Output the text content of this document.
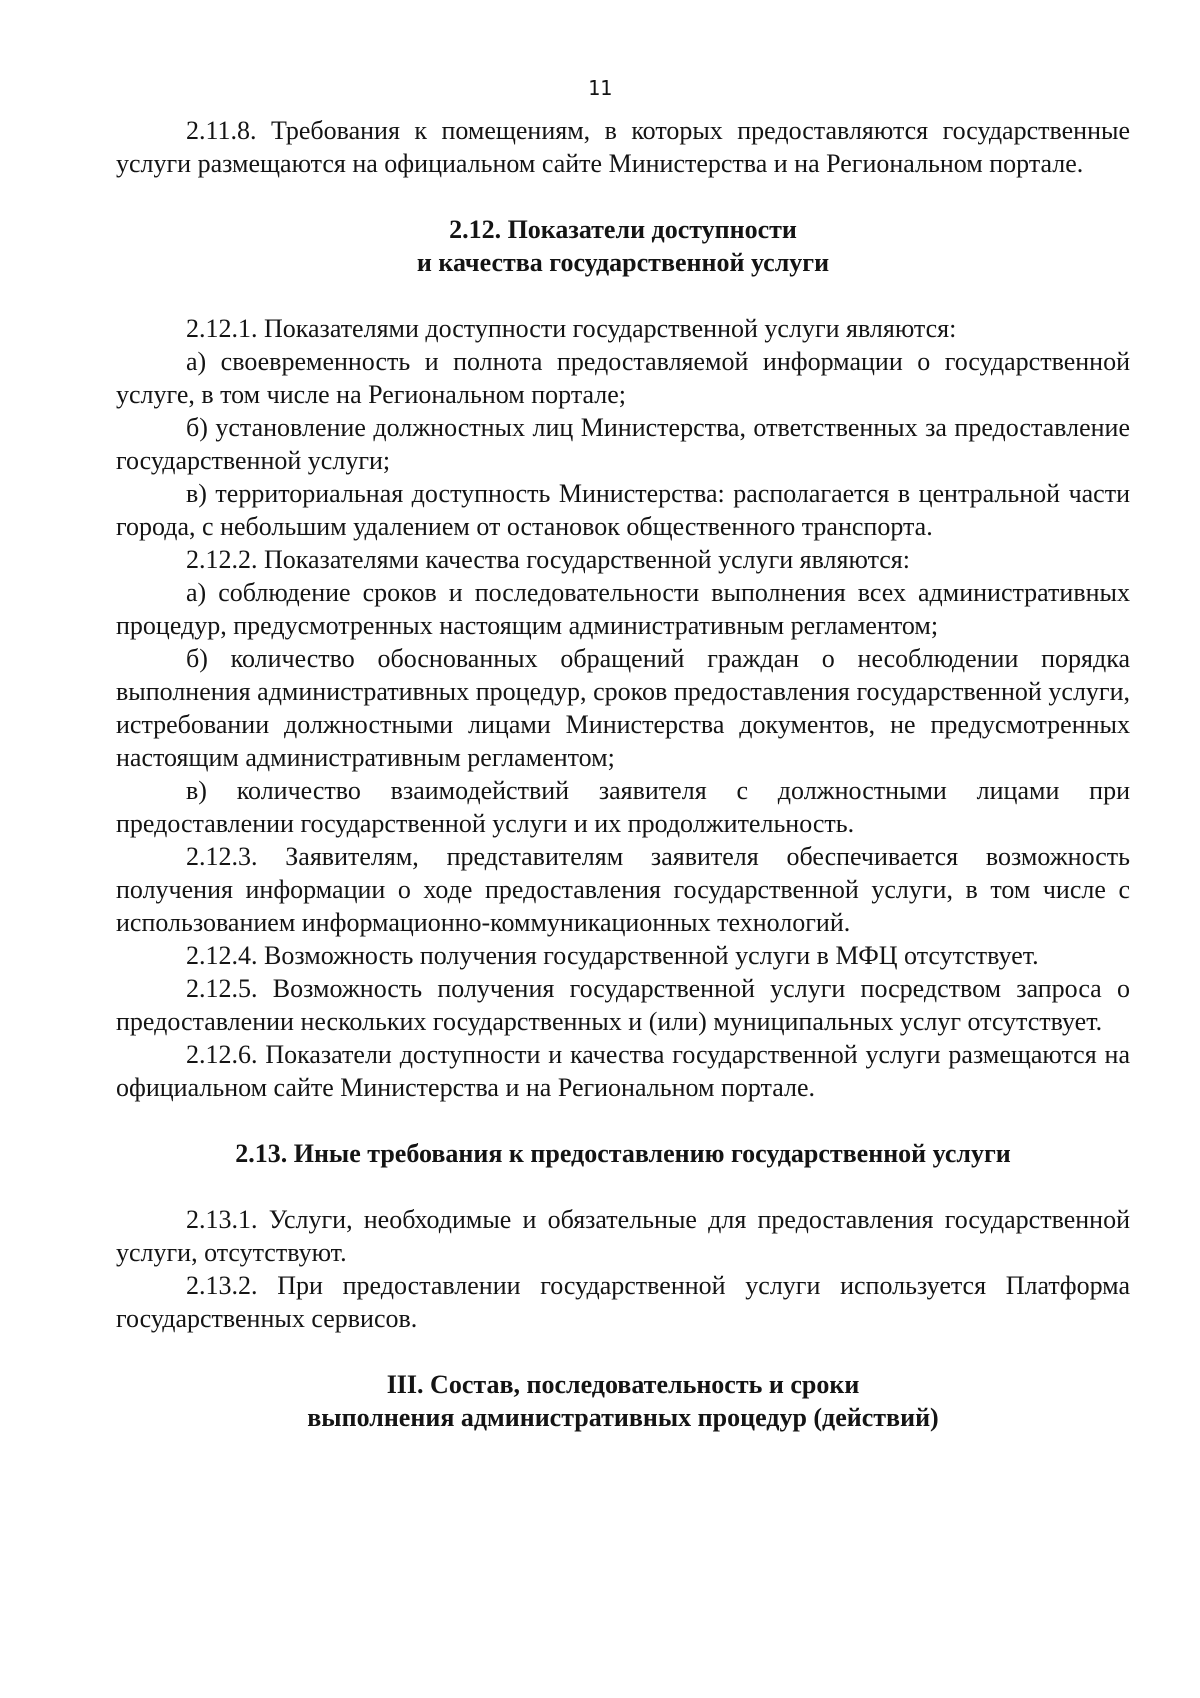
11

2.11.8. Требования к помещениям, в которых предоставляются государственные услуги размещаются на официальном сайте Министерства и на Региональном портале.

2.12. Показатели доступности

и качества государственной услуги

2.12.1. Показателями доступности государственной услуги являются:

а) своевременность и полнота предоставляемой информации о государственной услуге, в том числе на Региональном портале;

б) установление должностных лиц Министерства, ответственных за предоставление государственной услуги;

в) территориальная доступность Министерства: располагается в центральной части города, с небольшим удалением от остановок общественного транспорта.

2.12.2. Показателями качества государственной услуги являются:

а) соблюдение сроков и последовательности выполнения всех административных процедур, предусмотренных настоящим административным регламентом;

б) количество обоснованных обращений граждан о несоблюдении порядка выполнения административных процедур, сроков предоставления государственной услуги, истребовании должностными лицами Министерства документов, не предусмотренных настоящим административным регламентом;

в) количество взаимодействий заявителя с должностными лицами при предоставлении государственной услуги и их продолжительность.

2.12.3. Заявителям, представителям заявителя обеспечивается возможность получения информации о ходе предоставления государственной услуги, в том числе с использованием информационно-коммуникационных технологий.

2.12.4. Возможность получения государственной услуги в МФЦ отсутствует.

2.12.5. Возможность получения государственной услуги посредством запроса о предоставлении нескольких государственных и (или) муниципальных услуг отсутствует.

2.12.6. Показатели доступности и качества государственной услуги размещаются на официальном сайте Министерства и на Региональном портале.

2.13. Иные требования к предоставлению государственной услуги

2.13.1. Услуги, необходимые и обязательные для предоставления государственной услуги, отсутствуют.

2.13.2. При предоставлении государственной услуги используется Платформа государственных сервисов.

III. Состав, последовательность и сроки

выполнения административных процедур (действий)
